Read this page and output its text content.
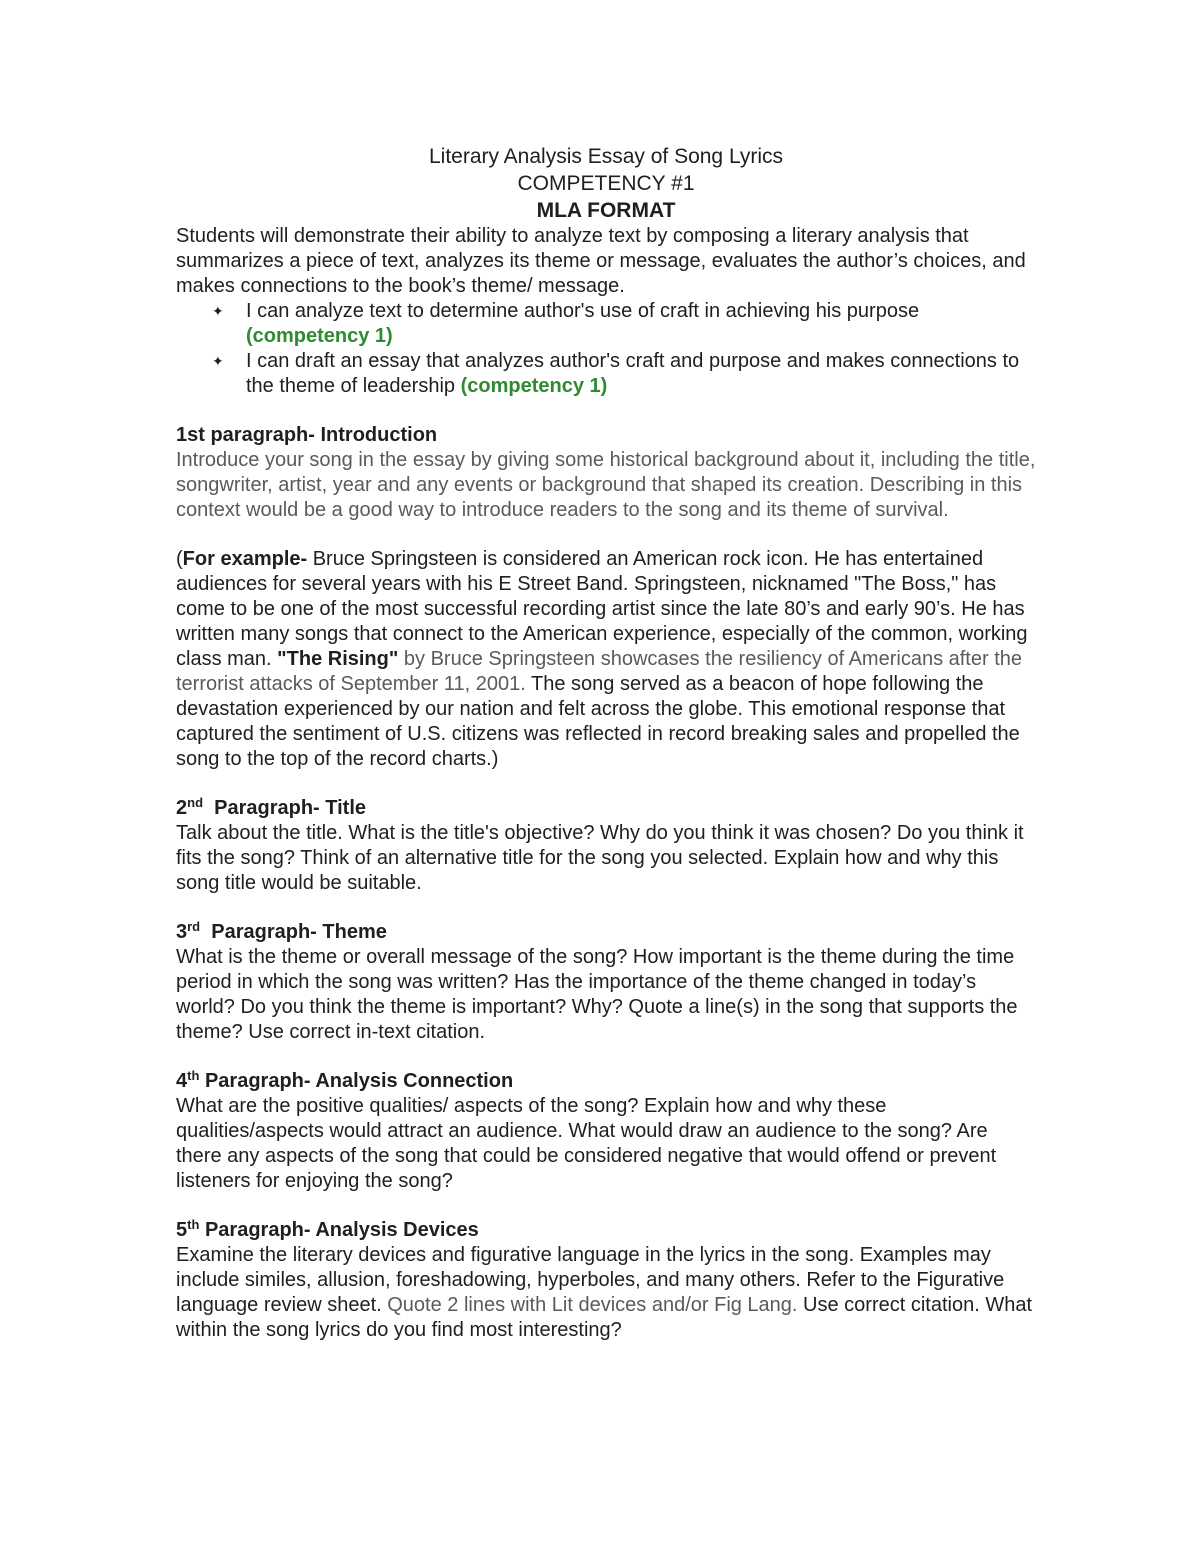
Literary Analysis Essay of Song Lyrics
COMPETENCY #1
MLA FORMAT

Students will demonstrate their ability to analyze text by composing a literary analysis that summarizes a piece of text, analyzes its theme or message, evaluates the author’s choices, and makes connections to the book’s theme/ message.

✦ I can analyze text to determine author's use of craft in achieving his purpose (competency 1)
✦ I can draft an essay that analyzes author's craft and purpose and makes connections to the theme of leadership (competency 1)
1st paragraph- Introduction

Introduce your song in the essay by giving some historical background about it, including the title, songwriter, artist, year and any events or background that shaped its creation. Describing in this context would be a good way to introduce readers to the song and its theme of survival.

(For example- Bruce Springsteen is considered an American rock icon. He has entertained audiences for several years with his E Street Band. Springsteen, nicknamed "The Boss," has come to be one of the most successful recording artist since the late 80’s and early 90’s. He has written many songs that connect to the American experience, especially of the common, working class man. "The Rising" by Bruce Springsteen showcases the resiliency of Americans after the terrorist attacks of September 11, 2001. The song served as a beacon of hope following the devastation experienced by our nation and felt across the globe. This emotional response that captured the sentiment of U.S. citizens was reflected in record breaking sales and propelled the song to the top of the record charts.)

2nd  Paragraph- Title

Talk about the title. What is the title's objective? Why do you think it was chosen? Do you think it fits the song? Think of an alternative title for the song you selected. Explain how and why this song title would be suitable.

3rd  Paragraph- Theme

What is the theme or overall message of the song? How important is the theme during the time period in which the song was written? Has the importance of the theme changed in today’s world? Do you think the theme is important? Why? Quote a line(s) in the song that supports the theme? Use correct in-text citation.

4th Paragraph- Analysis Connection

What are the positive qualities/ aspects of the song? Explain how and why these qualities/aspects would attract an audience. What would draw an audience to the song? Are there any aspects of the song that could be considered negative that would offend or prevent listeners for enjoying the song?

5th Paragraph- Analysis Devices

Examine the literary devices and figurative language in the lyrics in the song. Examples may include similes, allusion, foreshadowing, hyperboles, and many others. Refer to the Figurative language review sheet. Quote 2 lines with Lit devices and/or Fig Lang. Use correct citation. What within the song lyrics do you find most interesting?
